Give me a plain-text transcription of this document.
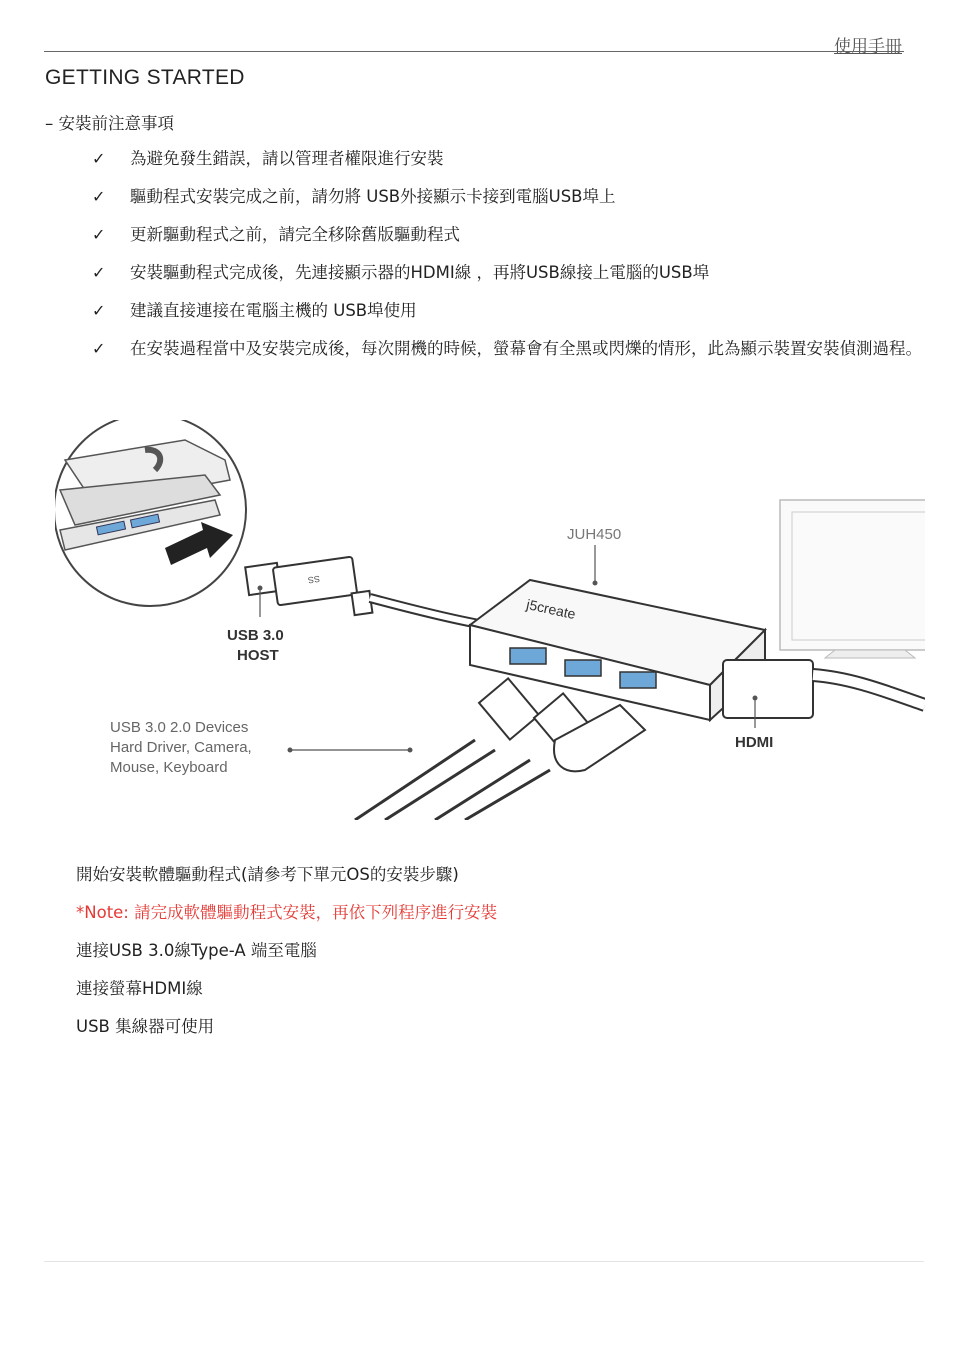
使用手冊
GETTING STARTED
– 安裝前注意事項
✓ 為避免發生錯誤，請以管理者權限進行安裝
✓ 驅動程式安裝完成之前，請勿將 USB外接顯示卡接到電腦USB埠上
✓ 更新驅動程式之前，請完全移除舊版驅動程式
✓ 安裝驅動程式完成後，先連接顯示器的HDMI線 ，再將USB線接上電腦的USB埠
✓ 建議直接連接在電腦主機的 USB埠使用
✓ 在安裝過程當中及安裝完成後，每次開機的時候，螢幕會有全黑或閃爍的情形，此為顯示裝置安裝偵測過程。
SS
j5create
JUH450
USB 3.0
HOST
USB 3.0 2.0 Devices
Hard Driver, Camera,
Mouse, Keyboard
HDMI
開始安裝軟體驅動程式(請參考下單元OS的安裝步驟)
*Note: 請完成軟體驅動程式安裝，再依下列程序進行安裝
連接USB 3.0線Type-A 端至電腦
連接螢幕HDMI線
USB 集線器可使用
